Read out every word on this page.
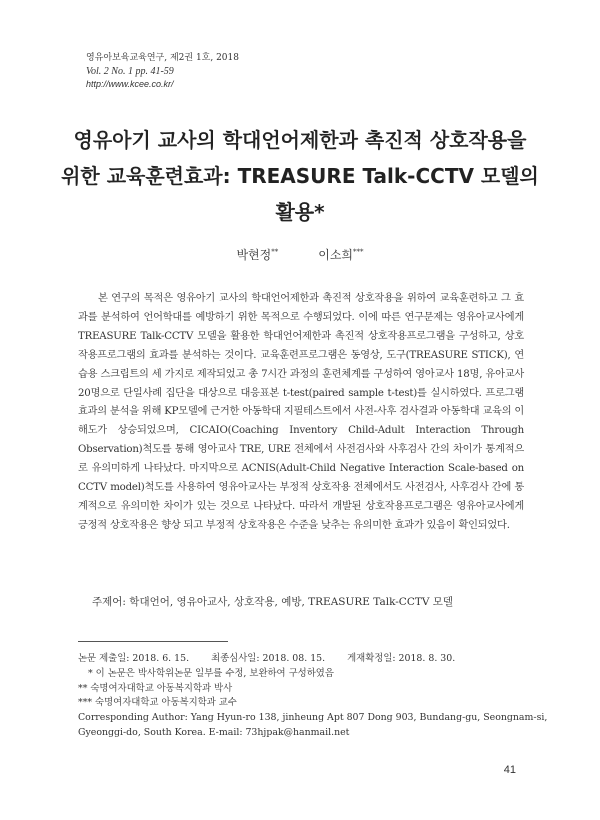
영유아보육교육연구, 제2권 1호, 2018
Vol. 2 No. 1 pp. 41-59
http://www.kcee.co.kr/
영유아기 교사의 학대언어제한과 촉진적 상호작용을
위한 교육훈련효과: TREASURE Talk-CCTV 모델의
활용*
박현정**	이소희***
본 연구의 목적은 영유아기 교사의 학대언어제한과 촉진적 상호작용을 위하여 교육훈련하고 그 효과를 분석하여 언어학대를 예방하기 위한 목적으로 수행되었다. 이에 따른 연구문제는 영유아교사에게 TREASURE Talk-CCTV 모델을 활용한 학대언어제한과 촉진적 상호작용프로그램을 구성하고, 상호작용프로그램의 효과를 분석하는 것이다. 교육훈련프로그램은 동영상, 도구(TREASURE STICK), 연습용 스크립트의 세 가지로 제작되었고 총 7시간 과정의 훈련체계를 구성하여 영아교사 18명, 유아교사 20명으로 단일사례 집단을 대상으로 대응표본 t-test(paired sample t-test)를 실시하였다. 프로그램 효과의 분석을 위해 KP모델에 근거한 아동학대 지필테스트에서 사전-사후 검사결과 아동학대 교육의 이해도가 상승되었으며, CICAIO(Coaching Inventory Child-Adult Interaction Through Observation)척도를 통해 영아교사 TRE, URE 전체에서 사전검사와 사후검사 간의 차이가 통계적으로 유의미하게 나타났다. 마지막으로 ACNIS(Adult-Child Negative Interaction Scale-based on CCTV model)척도를 사용하여 영유아교사는 부정적 상호작용 전체에서도 사전검사, 사후검사 간에 통계적으로 유의미한 차이가 있는 것으로 나타났다. 따라서 개발된 상호작용프로그램은 영유아교사에게 긍정적 상호작용은 향상 되고 부정적 상호작용은 수준을 낮추는 유의미한 효과가 있음이 확인되었다.
주제어: 학대언어, 영유아교사, 상호작용, 예방, TREASURE Talk-CCTV 모델
논문 제출일: 2018. 6. 15. 최종심사일: 2018. 08. 15. 게재확정일: 2018. 8. 30.
* 이 논문은 박사학위논문 일부를 수정, 보완하여 구성하였음
** 숙명여자대학교 아동복지학과 박사
*** 숙명여자대학교 아동복지학과 교수
Corresponding Author: Yang Hyun-ro 138, jinheung Apt 807 Dong 903, Bundang-gu, Seongnam-si,
Gyeonggi-do, South Korea. E-mail: 73hjpak@hanmail.net
41
